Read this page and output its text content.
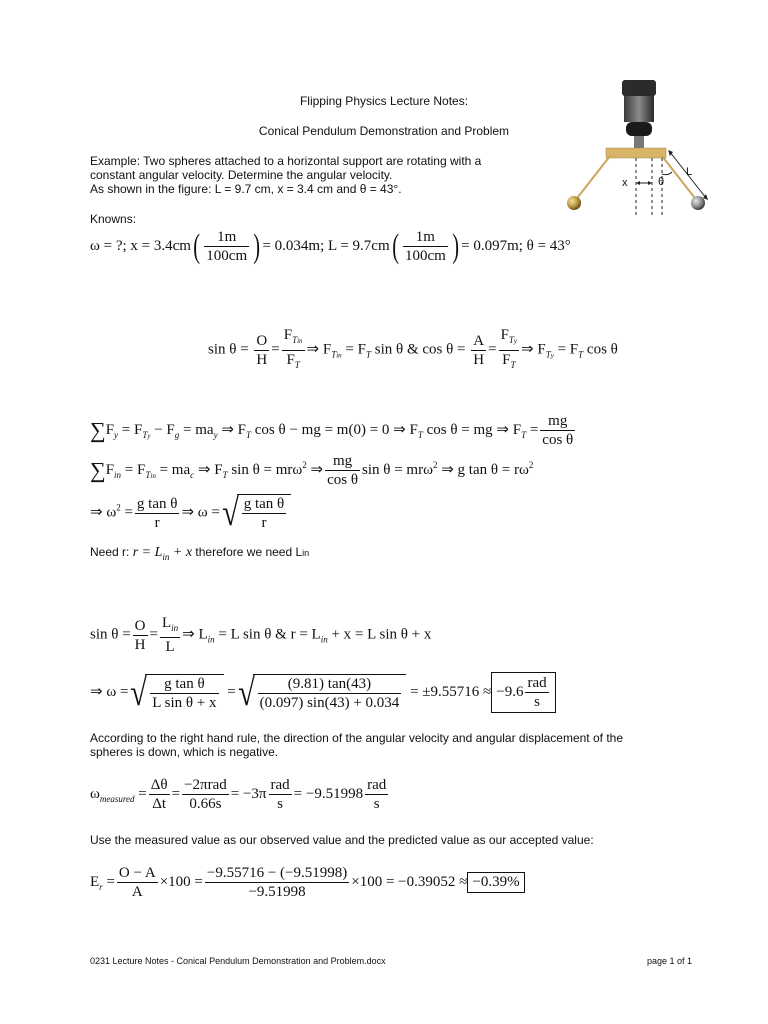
Flipping Physics Lecture Notes:
Conical Pendulum Demonstration and Problem
Example: Two spheres attached to a horizontal support are rotating with a
constant angular velocity. Determine the angular velocity.
As shown in the figure: L = 9.7 cm, x = 3.4 cm and θ = 43°.	x
L
θ
Knowns:
ω = ?; $x = 3.4cm( \frac{1m}{100cm}$ ) = 0.034m; $L = 9.7cm( \frac{1m}{100cm}$ ) = 0.097m; θ = 43°
$\sin \theta = \frac{O}{H} = \frac{F_{Tin}}{F_T}$ ⇒ $F_{Tin} = F_T$ sin θ & $\cos \theta = \frac{A}{H} = \frac{F_{Ty}}{F_T}$ ⇒ $F_{Ty} = F_T$ cos θ
$\sum F_y = F_{Ty} - F_g = ma_y$ ⇒ $F_T$ cos θ − mg = m(0) = 0 ⇒ $F_T$ cos θ = mg ⇒ $F_T = \frac{mg}{\text{cos θ}}$
$\sum F_{in} = F_{Tin} = ma_c$ ⇒ $F_T$ sin θ = mrω$^2$ ⇒ $\frac{mg}{\text{cos θ}}$ sin θ = mrω$^2$ ⇒ g $\tan \theta = r\omega^2$
⇒ $\omega^2 = \frac{\text{g tan θ}}{r}$ ⇒ ω =√ $\frac{\text{g tan θ}}{r}$
Need r: $r = L_{in} + x$ therefore we need Lin
$\sin \theta = \frac{O}{H} = \frac{L_{in}}{L}$ ⇒ $L_{in} = L$ sin θ & $r = L_{in} + x = L$ sin θ + x
⇒ ω =√ $\frac{\text{g tan θ}}{\text{L sin θ + x}}$ =√ $\frac{(9.81) \tan(43)}{(0.097) \sin(43) + 0.034} = \pm 9.55716 \approx -9.6 \frac{\text{rad}}{s}$
According to the right hand rule, the direction of the angular velocity and angular displacement of the
spheres is down, which is negative.
$\omega_{measured} = \frac{\Delta\theta}{\Delta t} = \frac{\text{−2πrad}}{0.66s} = -3\pi \frac{\text{rad}}{s} = -9.51998 \frac{\text{rad}}{s}$
Use the measured value as our observed value and the predicted value as our accepted value:
$E_r = \frac{O - A}{A} \times 100 = \frac{-9.55716 - (-9.51998)}{-9.51998} \times 100 = -0.39052 \approx -0.39\%$
0231 Lecture Notes - Conical Pendulum Demonstration and Problem.docx	page 1 of 1
